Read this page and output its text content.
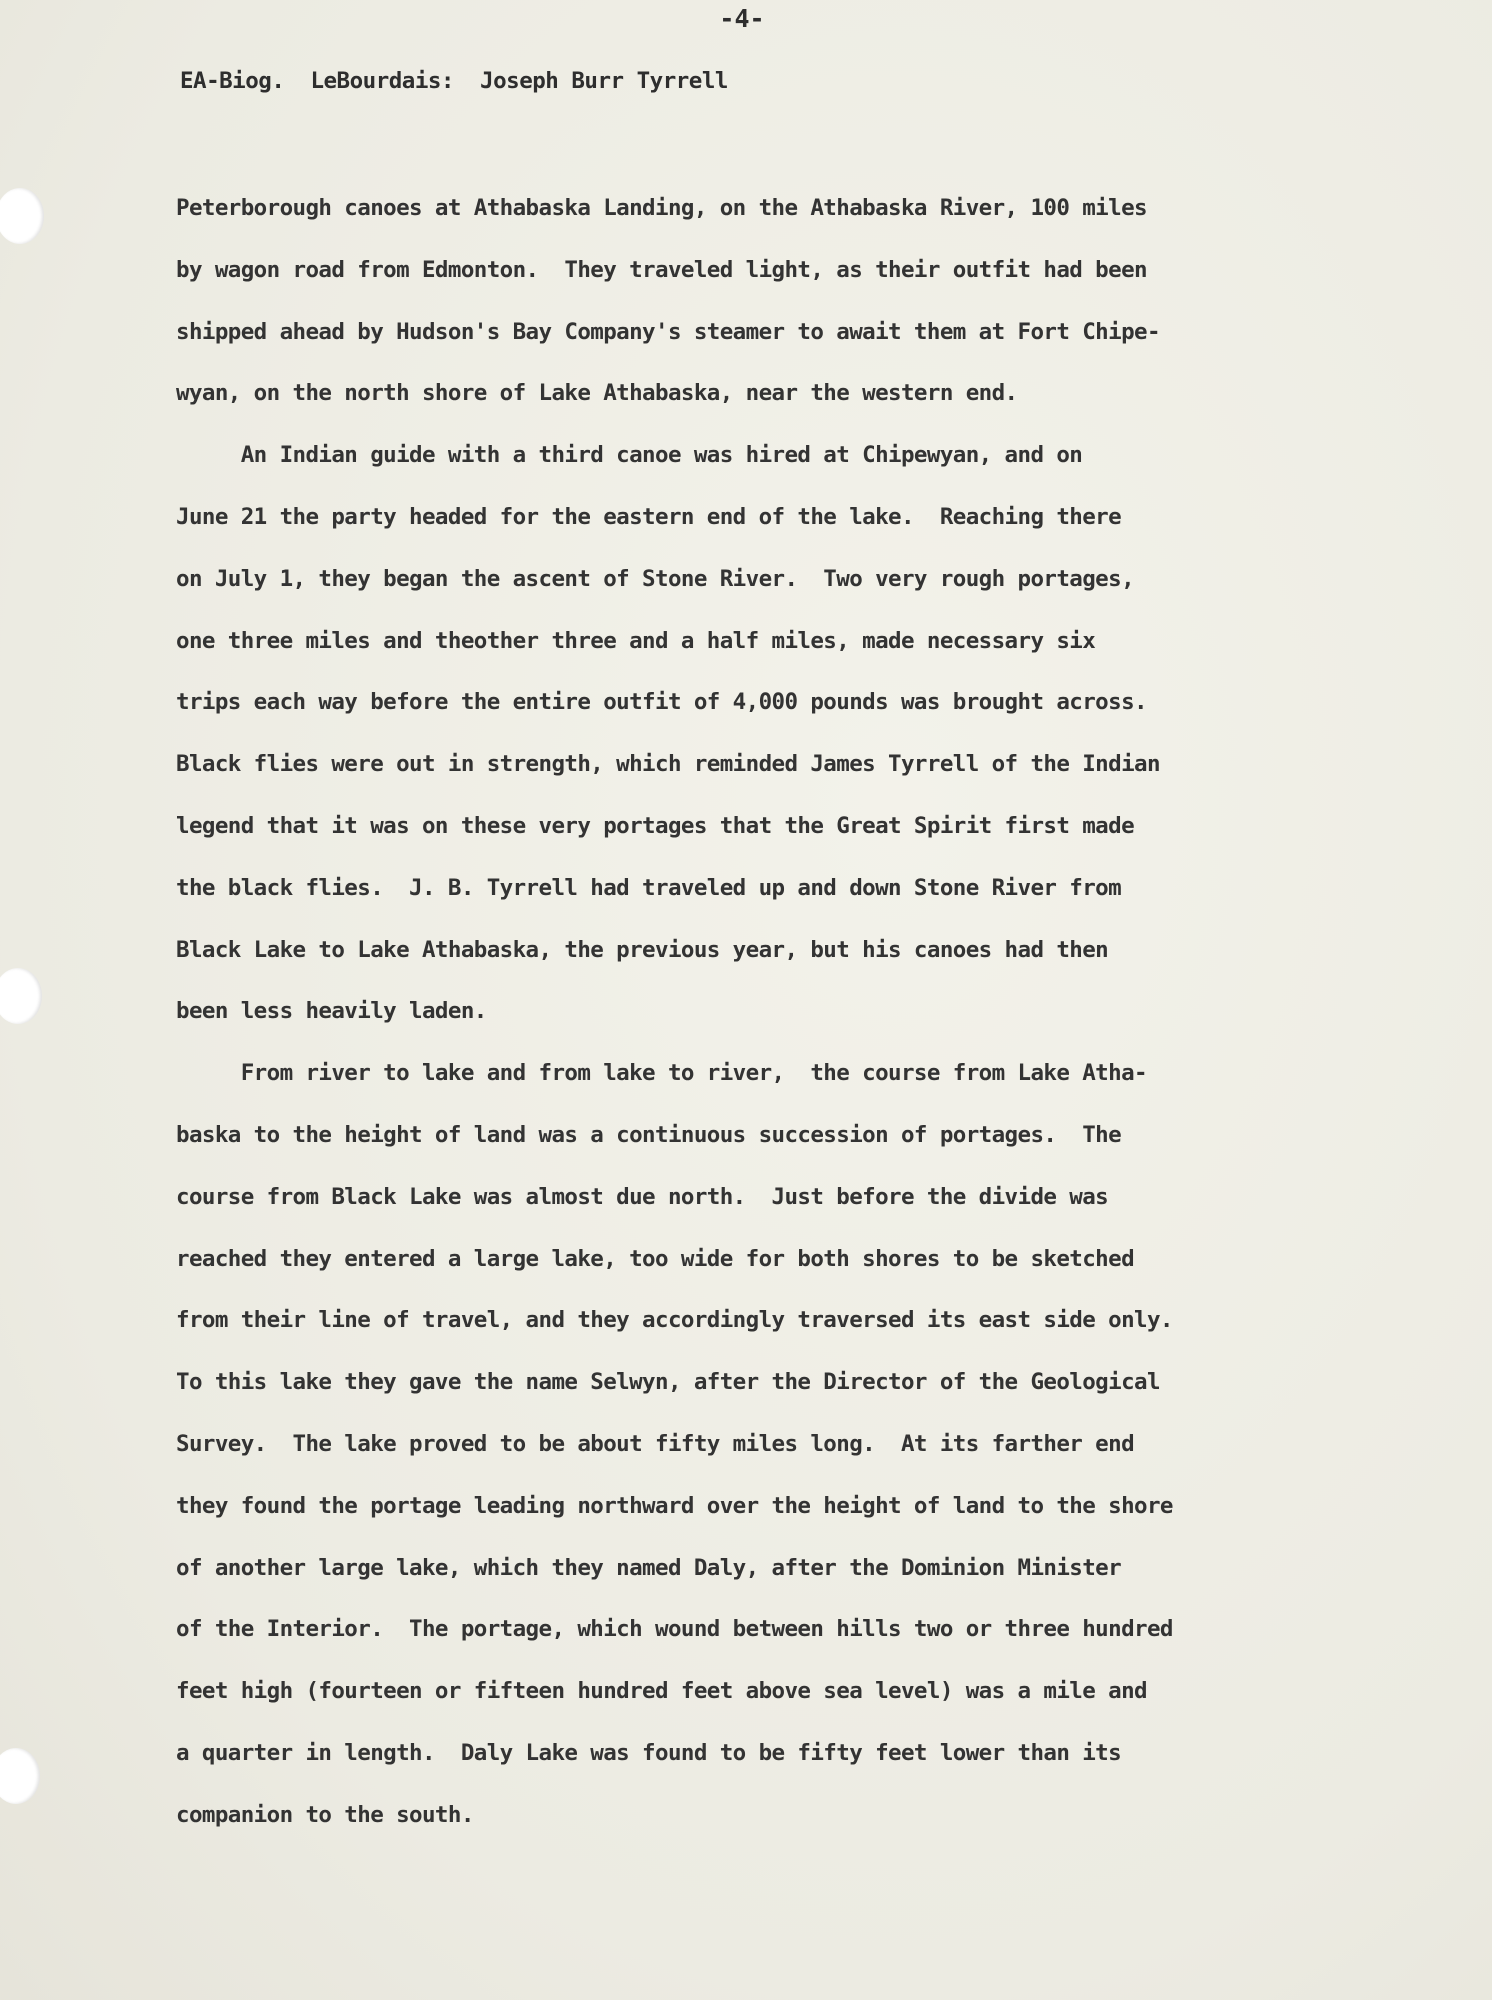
-4-
EA-Biog.  LeBourdais:  Joseph Burr Tyrrell
Peterborough canoes at Athabaska Landing, on the Athabaska River, 100 miles
by wagon road from Edmonton.  They traveled light, as their outfit had been
shipped ahead by Hudson's Bay Company's steamer to await them at Fort Chipe-
wyan, on the north shore of Lake Athabaska, near the western end.
An Indian guide with a third canoe was hired at Chipewyan, and on
June 21 the party headed for the eastern end of the lake.  Reaching there
on July 1, they began the ascent of Stone River.  Two very rough portages,
one three miles and theother three and a half miles, made necessary six
trips each way before the entire outfit of 4,000 pounds was brought across.
Black flies were out in strength, which reminded James Tyrrell of the Indian
legend that it was on these very portages that the Great Spirit first made
the black flies.  J. B. Tyrrell had traveled up and down Stone River from
Black Lake to Lake Athabaska, the previous year, but his canoes had then
been less heavily laden.
From river to lake and from lake to river,  the course from Lake Atha-
baska to the height of land was a continuous succession of portages.  The
course from Black Lake was almost due north.  Just before the divide was
reached they entered a large lake, too wide for both shores to be sketched
from their line of travel, and they accordingly traversed its east side only.
To this lake they gave the name Selwyn, after the Director of the Geological
Survey.  The lake proved to be about fifty miles long.  At its farther end
they found the portage leading northward over the height of land to the shore
of another large lake, which they named Daly, after the Dominion Minister
of the Interior.  The portage, which wound between hills two or three hundred
feet high (fourteen or fifteen hundred feet above sea level) was a mile and
a quarter in length.  Daly Lake was found to be fifty feet lower than its
companion to the south.
